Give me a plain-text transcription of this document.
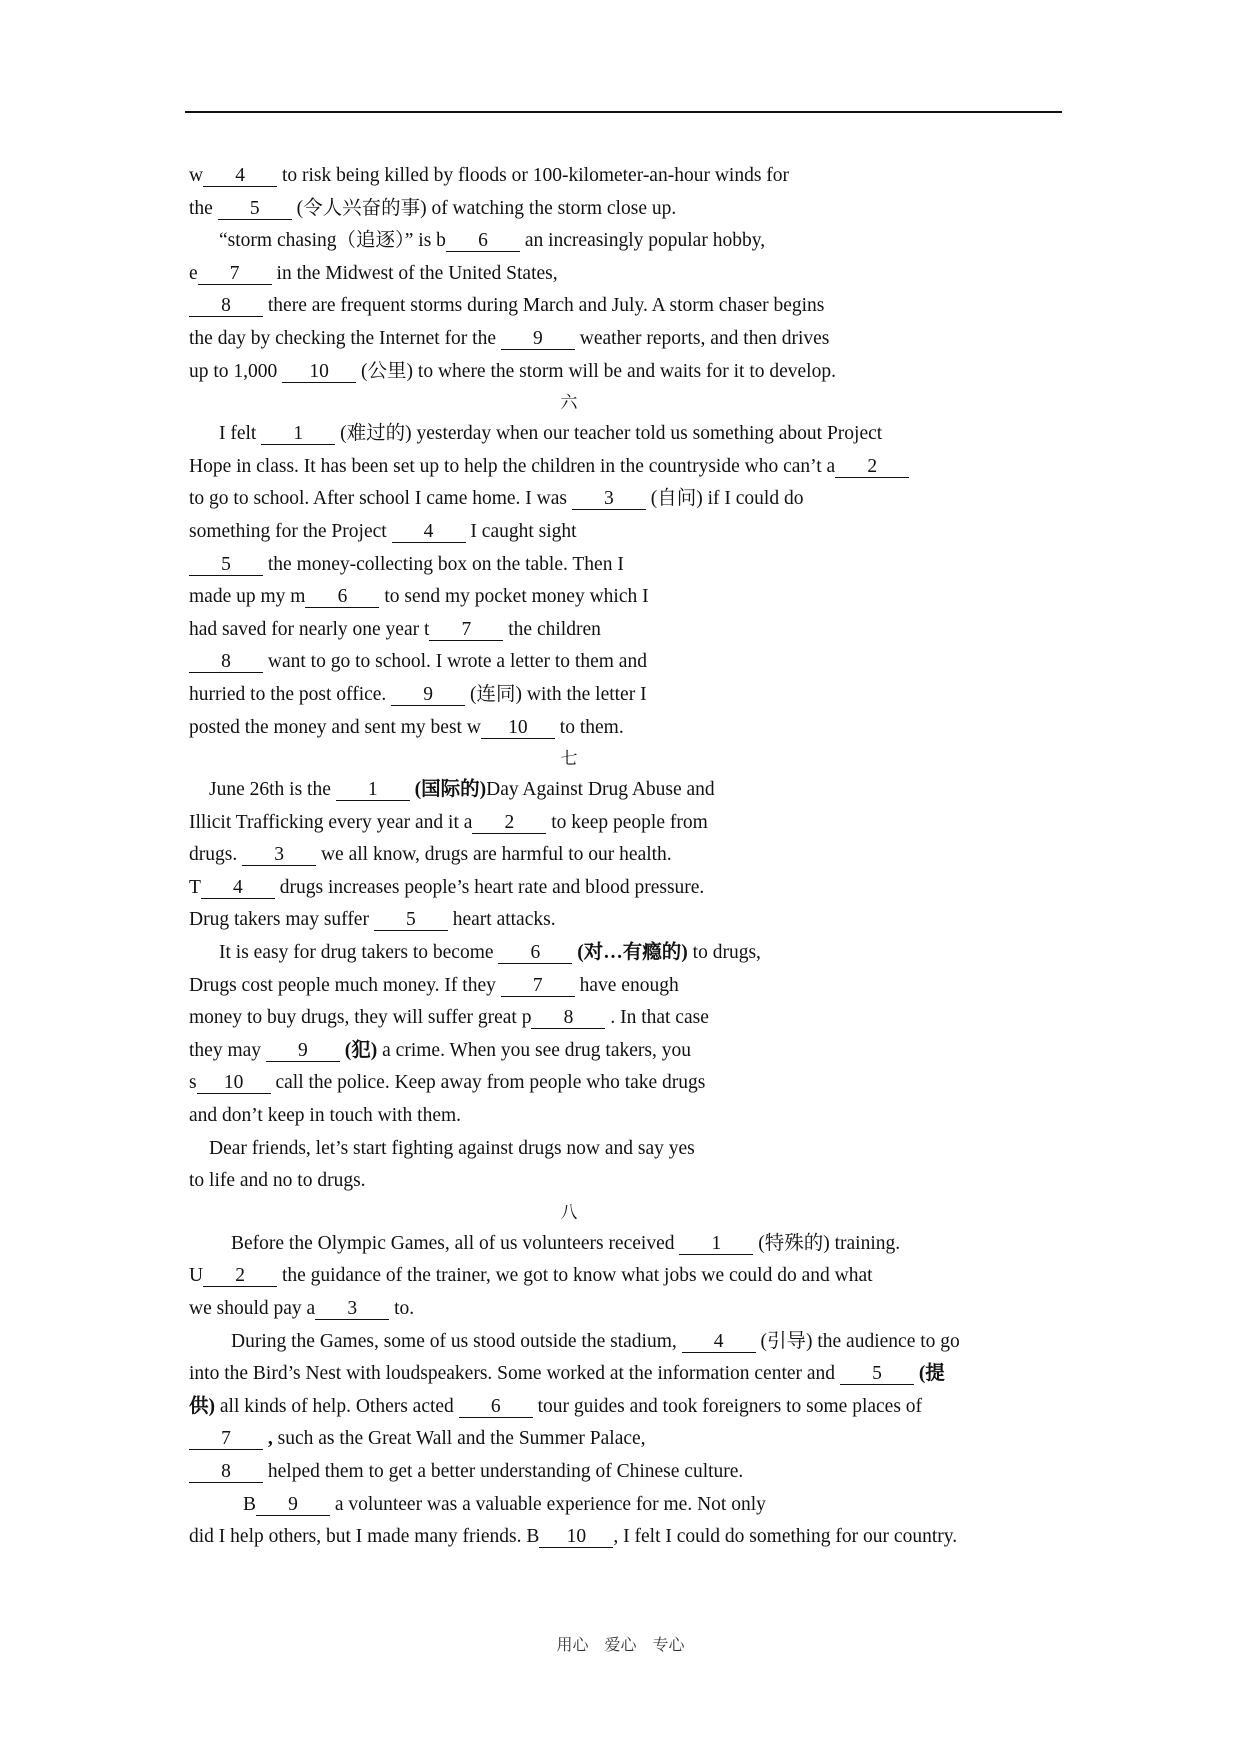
w 4 to risk being killed by floods or 100-kilometer-an-hour winds for
the 5 (令人兴奋的事) of watching the storm close up.
“storm chasing（追逐）” is b 6 an increasingly popular hobby,
e 7 in the Midwest of the United States,
8 there are frequent storms during March and July. A storm chaser begins
the day by checking the Internet for the 9 weather reports, and then drives
up to 1,000 10 (公里) to where the storm will be and waits for it to develop.
六
I felt 1 (难过的) yesterday when our teacher told us something about Project
Hope in class. It has been set up to help the children in the countryside who can’t a 2
to go to school. After school I came home. I was 3 (自问) if I could do
something for the Project 4 I caught sight
5 the money-collecting box on the table. Then I
made up my m 6 to send my pocket money which I
had saved for nearly one year t 7 the children
8 want to go to school. I wrote a letter to them and
hurried to the post office. 9 (连同) with the letter I
posted the money and sent my best w 10 to them.
七
June 26th is the 1 (国际的)Day Against Drug Abuse and
Illicit Trafficking every year and it a 2 to keep people from
drugs. 3 we all know, drugs are harmful to our health.
T 4 drugs increases people’s heart rate and blood pressure.
Drug takers may suffer 5 heart attacks.
It is easy for drug takers to become 6 (对…有瘾的) to drugs,
Drugs cost people much money. If they 7 have enough
money to buy drugs, they will suffer great p 8 . In that case
they may 9 (犯) a crime. When you see drug takers, you
s 10 call the police. Keep away from people who take drugs
and don’t keep in touch with them.
Dear friends, let’s start fighting against drugs now and say yes
to life and no to drugs.
八
Before the Olympic Games, all of us volunteers received 1 (特殊的) training.
U 2 the guidance of the trainer, we got to know what jobs we could do and what
we should pay a 3 to.
During the Games, some of us stood outside the stadium, 4 (引导) the audience to go
into the Bird’s Nest with loudspeakers. Some worked at the information center and 5 (提
供) all kinds of help. Others acted 6 tour guides and took foreigners to some places of
7 , such as the Great Wall and the Summer Palace,
8 helped them to get a better understanding of Chinese culture.
B 9 a volunteer was a valuable experience for me. Not only
did I help others, but I made many friends. B 10 , I felt I could do something for our country.
用心　爱心　专心
